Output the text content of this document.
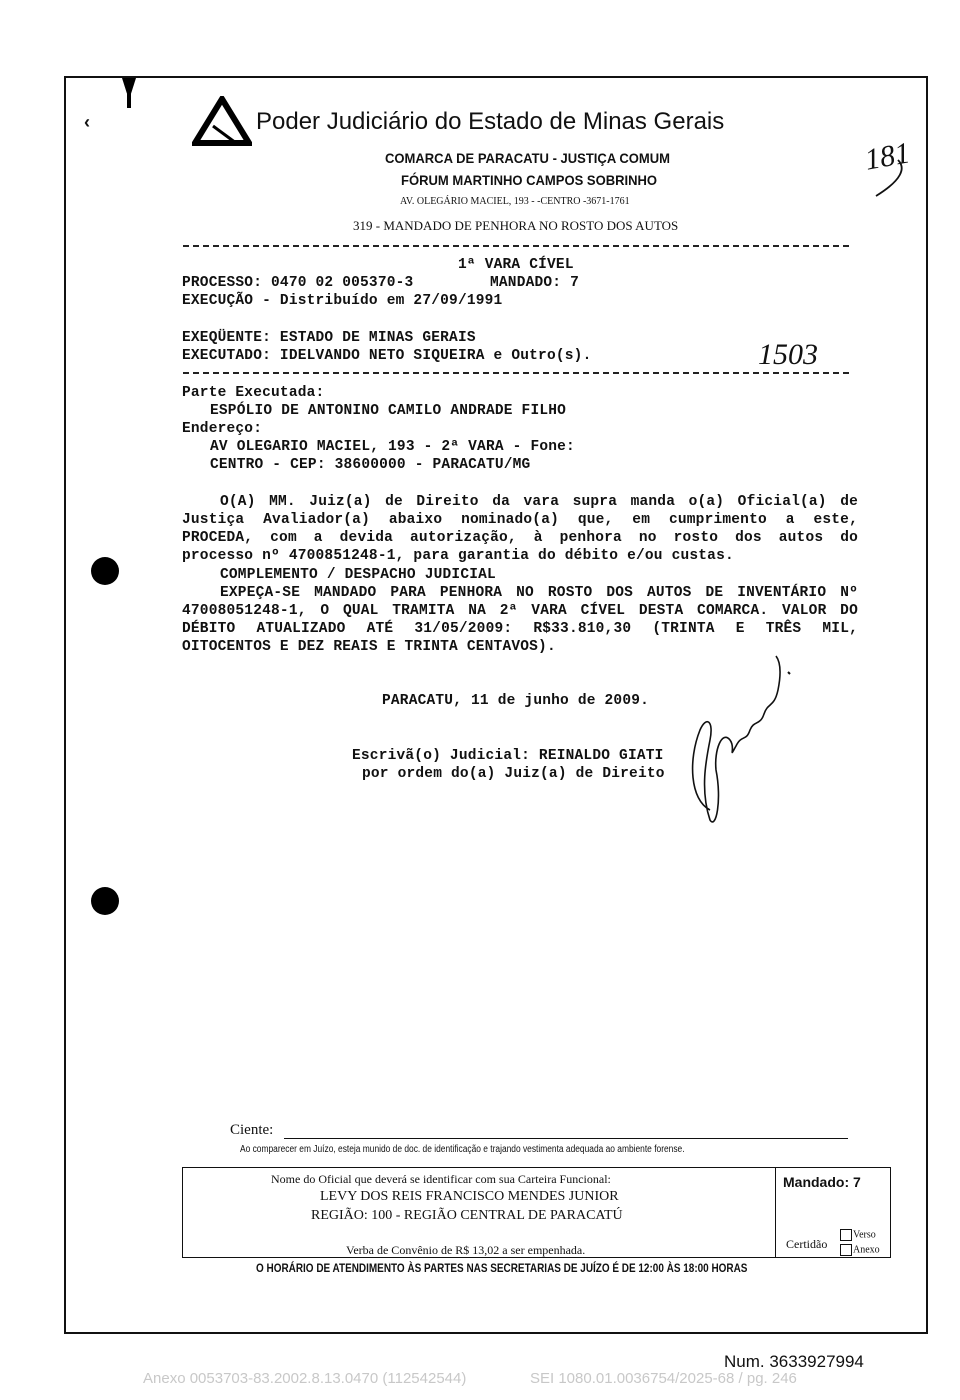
‹	Poder Judiciário do Estado de Minas Gerais
COMARCA DE PARACATU - JUSTIÇA COMUM
FÓRUM MARTINHO CAMPOS SOBRINHO
AV. OLEGÁRIO MACIEL, 193 - -CENTRO -3671-1761
319 - MANDADO DE PENHORA NO ROSTO DOS AUTOS
181
1ª VARA CÍVEL
PROCESSO: 0470 02 005370-3	MANDADO: 7
EXECUÇÃO - Distribuído em 27/09/1991
EXEQÜENTE: ESTADO DE MINAS GERAIS
EXECUTADO: IDELVANDO NETO SIQUEIRA e Outro(s).	1503
Parte Executada:
ESPÓLIO DE ANTONINO CAMILO ANDRADE FILHO
Endereço:
AV OLEGARIO MACIEL, 193 - 2ª VARA - Fone:
CENTRO - CEP: 38600000 - PARACATU/MG
O(A) MM. Juiz(a) de Direito da vara supra manda o(a) Oficial(a) de
Justiça Avaliador(a) abaixo nominado(a) que, em cumprimento a este,
PROCEDA, com a devida autorização, à penhora no rosto dos autos do
processo nº 4700851248-1, para garantia do débito e/ou custas.
COMPLEMENTO / DESPACHO JUDICIAL
EXPEÇA-SE MANDADO PARA PENHORA NO ROSTO DOS AUTOS DE INVENTÁRIO Nº
47008051248-1, O QUAL TRAMITA NA 2ª VARA CÍVEL DESTA COMARCA. VALOR DO
DÉBITO ATUALIZADO ATÉ 31/05/2009: R$33.810,30 (TRINTA E TRÊS MIL,
OITOCENTOS E DEZ REAIS E TRINTA CENTAVOS).
PARACATU, 11 de junho de 2009.
Escrivã(o) Judicial: REINALDO GIATI
por ordem do(a) Juiz(a) de Direito
Ciente:
Ao comparecer em Juízo, esteja munido de doc. de identificação e trajando vestimenta adequada ao ambiente forense.
Nome do Oficial que deverá se identificar com sua Carteira Funcional:
LEVY DOS REIS FRANCISCO MENDES JUNIOR
REGIÃO: 100 - REGIÃO CENTRAL DE PARACATÚ
Verba de Convênio de R$ 13,02 a ser empenhada.
Mandado: 7
Certidão
Verso
Anexo
O HORÁRIO DE ATENDIMENTO ÀS PARTES NAS SECRETARIAS DE JUÍZO É DE 12:00 ÀS 18:00 HORAS
Num. 3633927994
Anexo 0053703-83.2002.8.13.0470 (112542544)	SEI 1080.01.0036754/2025-68 / pg. 246
